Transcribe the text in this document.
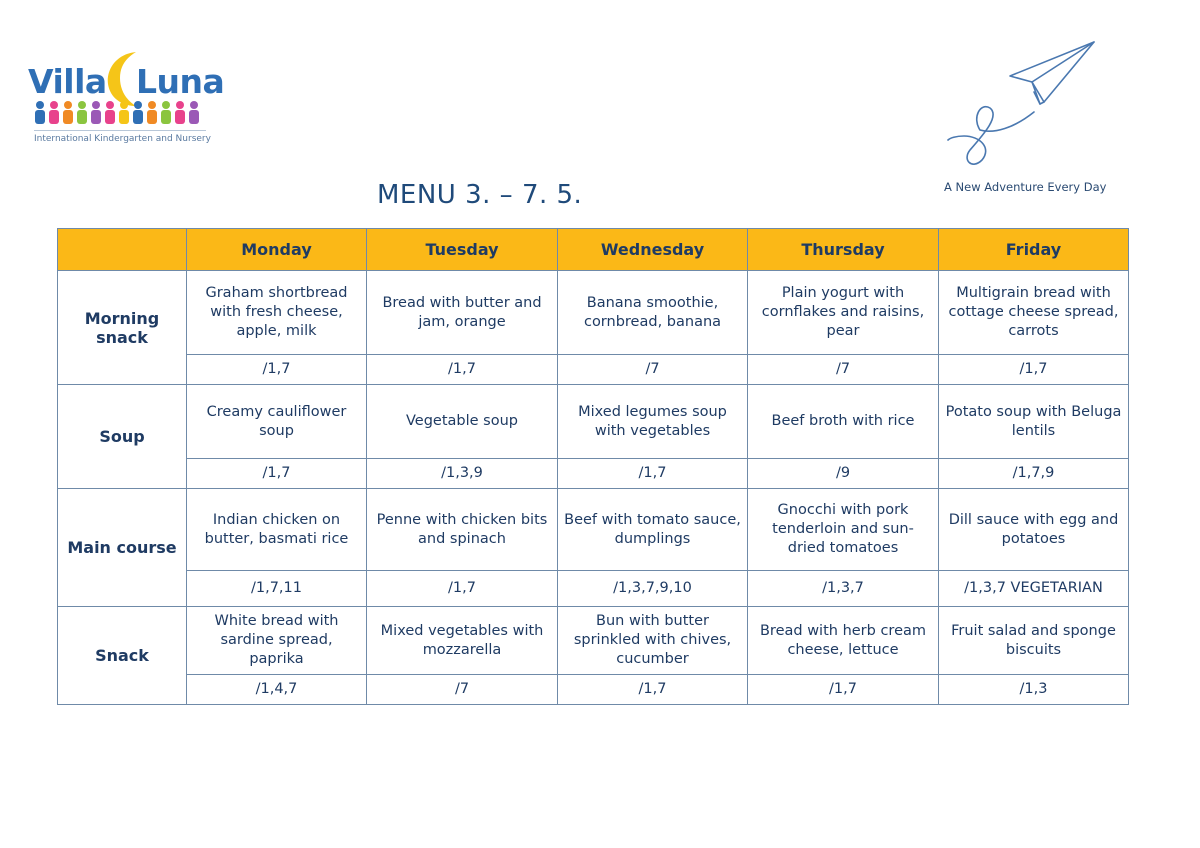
Villa Luna
International Kindergarten and Nursery
A New Adventure Every Day
MENU 3. – 7. 5.
	Monday	Tuesday	Wednesday	Thursday	Friday
Morning snack	Graham shortbread with fresh cheese, apple, milk	Bread with butter and jam, orange	Banana smoothie, cornbread, banana	Plain yogurt with cornflakes and raisins, pear	Multigrain bread with cottage cheese spread, carrots
	/1,7	/1,7	/7	/7	/1,7
Soup	Creamy cauliflower soup	Vegetable soup	Mixed legumes soup with vegetables	Beef broth with rice	Potato soup with Beluga lentils
	/1,7	/1,3,9	/1,7	/9	/1,7,9
Main course	Indian chicken on butter, basmati rice	Penne with chicken bits and spinach	Beef with tomato sauce, dumplings	Gnocchi with pork tenderloin and sun-dried tomatoes	Dill sauce with egg and potatoes
	/1,7,11	/1,7	/1,3,7,9,10	/1,3,7	/1,3,7 VEGETARIAN
Snack	White bread with sardine spread, paprika	Mixed vegetables with mozzarella	Bun with butter sprinkled with chives, cucumber	Bread with herb cream cheese, lettuce	Fruit salad and sponge biscuits
	/1,4,7	/7	/1,7	/1,7	/1,3
